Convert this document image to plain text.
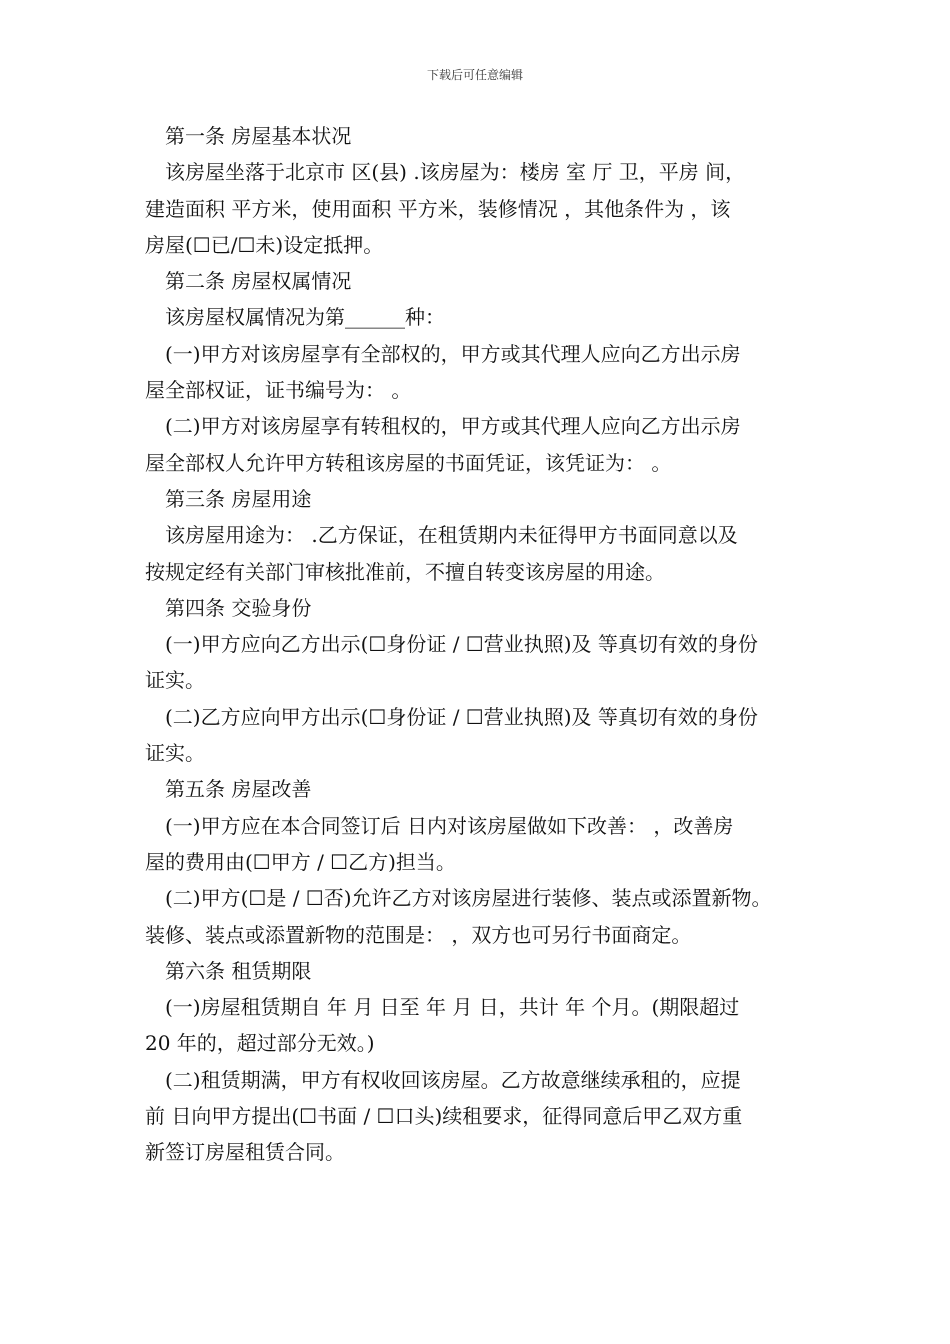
下载后可任意编辑
第一条 房屋基本状况
该房屋坐落于北京市 区(县) .该房屋为：楼房 室 厅 卫，平房 间，
建造面积 平方米，使用面积 平方米，装修情况 ，其他条件为 ，该
房屋(☐已/☐未)设定抵押。
第二条 房屋权属情况
该房屋权属情况为第______种：
(一)甲方对该房屋享有全部权的，甲方或其代理人应向乙方出示房
屋全部权证，证书编号为： 。
(二)甲方对该房屋享有转租权的，甲方或其代理人应向乙方出示房
屋全部权人允许甲方转租该房屋的书面凭证，该凭证为： 。
第三条 房屋用途
该房屋用途为： .乙方保证，在租赁期内未征得甲方书面同意以及
按规定经有关部门审核批准前，不擅自转变该房屋的用途。
第四条 交验身份
(一)甲方应向乙方出示(☐身份证 / ☐营业执照)及 等真切有效的身份
证实。
(二)乙方应向甲方出示(☐身份证 / ☐营业执照)及 等真切有效的身份
证实。
第五条 房屋改善
(一)甲方应在本合同签订后 日内对该房屋做如下改善： ，改善房
屋的费用由(☐甲方 / ☐乙方)担当。
(二)甲方(☐是 / ☐否)允许乙方对该房屋进行装修、装点或添置新物。
装修、装点或添置新物的范围是： ，双方也可另行书面商定。
第六条 租赁期限
(一)房屋租赁期自 年 月 日至 年 月 日，共计 年 个月。(期限超过
20 年的，超过部分无效。)
(二)租赁期满，甲方有权收回该房屋。乙方故意继续承租的，应提
前 日向甲方提出(☐书面 / ☐口头)续租要求，征得同意后甲乙双方重
新签订房屋租赁合同。
